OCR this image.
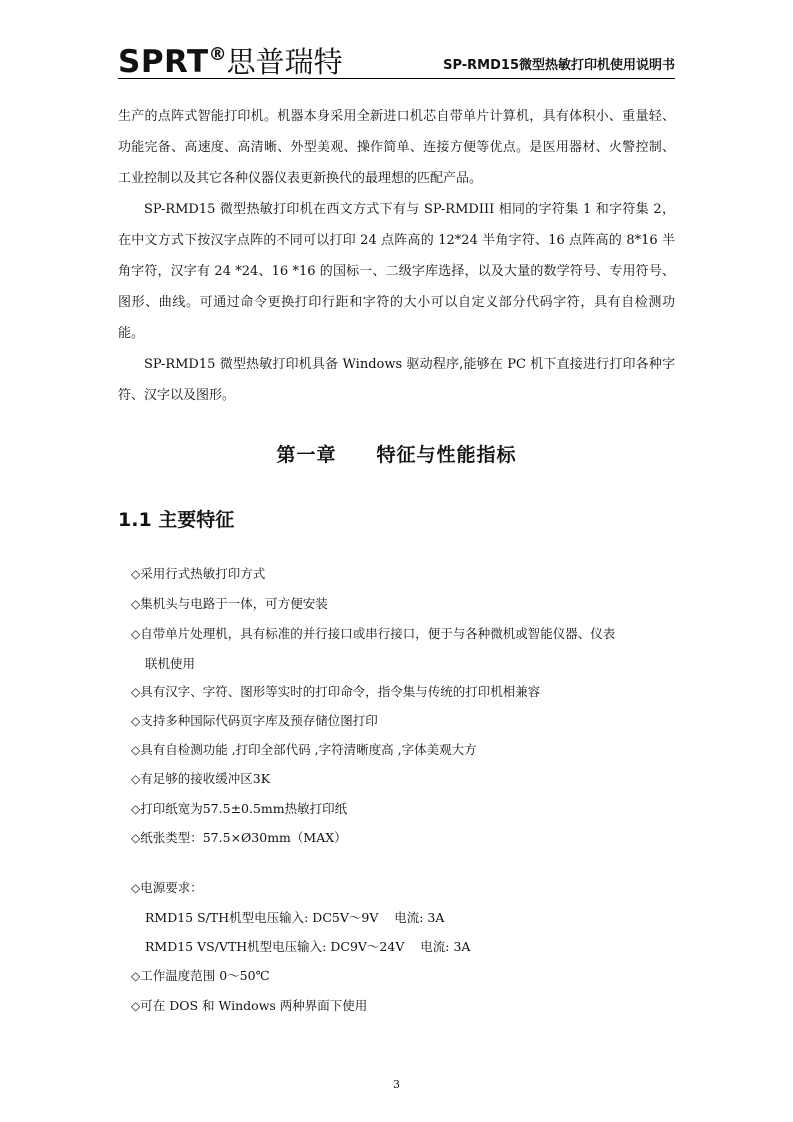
SPRT®思普瑞特	SP-RMD15微型热敏打印机使用说明书

生产的点阵式智能打印机。机器本身采用全新进口机芯自带单片计算机，具有体积小、重量轻、功能完备、高速度、高清晰、外型美观、操作简单、连接方便等优点。是医用器材、火警控制、工业控制以及其它各种仪器仪表更新换代的最理想的匹配产品。

SP-RMD15 微型热敏打印机在西文方式下有与 SP-RMDIII 相同的字符集 1 和字符集 2，在中文方式下按汉字点阵的不同可以打印 24 点阵高的 12*24 半角字符、16 点阵高的 8*16 半角字符，汉字有 24 *24、16 *16 的国标一、二级字库选择，以及大量的数学符号、专用符号、图形、曲线。可通过命令更换打印行距和字符的大小可以自定义部分代码字符，具有自检测功能。

SP-RMD15 微型热敏打印机具备 Windows 驱动程序,能够在 PC 机下直接进行打印各种字符、汉字以及图形。

第一章　　特征与性能指标
1.1 主要特征
◇采用行式热敏打印方式
◇集机头与电路于一体，可方便安装
◇自带单片处理机，具有标准的并行接口或串行接口，便于与各种微机或智能仪器、仪表
联机使用
◇具有汉字、字符、图形等实时的打印命令，指令集与传统的打印机相兼容
◇支持多种国际代码页字库及预存储位图打印
◇具有自检测功能 ,打印全部代码 ,字符清晰度高 ,字体美观大方
◇有足够的接收缓冲区3K
◇打印纸宽为57.5±0.5mm热敏打印纸
◇纸张类型：57.5×Ø30mm（MAX）
◇电源要求：
RMD15 S/TH机型电压输入: DC5V～9V    电流: 3A
RMD15 VS/VTH机型电压输入: DC9V～24V    电流: 3A
◇工作温度范围 0～50℃
◇可在 DOS 和 Windows 两种界面下使用
3
